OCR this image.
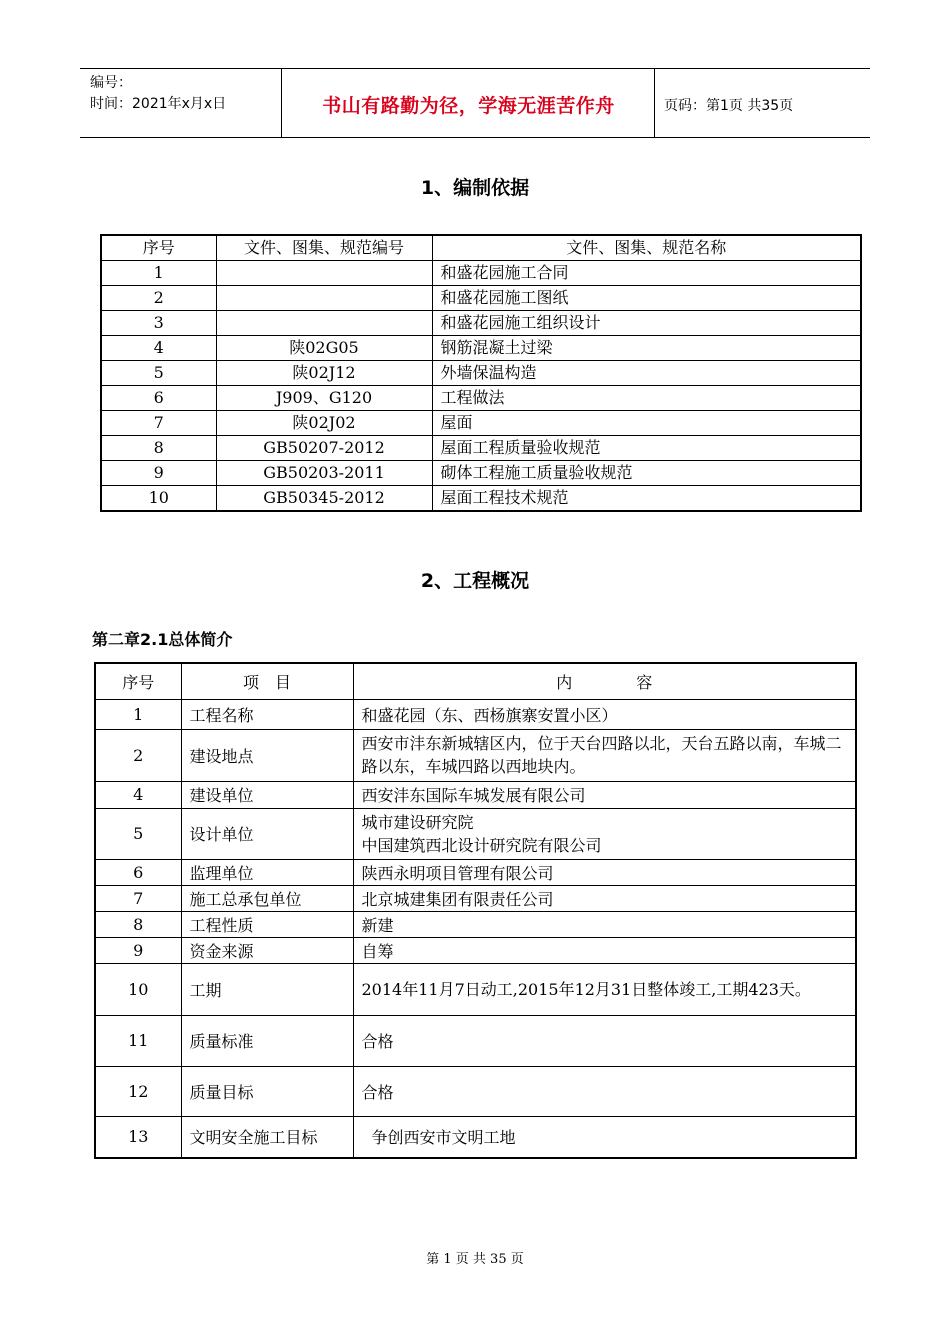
编号：
时间：2021年x月x日	书山有路勤为径，学海无涯苦作舟	页码：第1页 共35页
1、编制依据
序号	文件、图集、规范编号	文件、图集、规范名称
1		和盛花园施工合同
2		和盛花园施工图纸
3		和盛花园施工组织设计
4	陕02G05	钢筋混凝土过梁
5	陕02J12	外墙保温构造
6	J909、G120	工程做法
7	陕02J02	屋面
8	GB50207-2012	屋面工程质量验收规范
9	GB50203-2011	砌体工程施工质量验收规范
10	GB50345-2012	屋面工程技术规范
2、工程概况
第二章2.1总体简介
序号	项　目	内　　　　容
1	工程名称	和盛花园（东、西杨旗寨安置小区）
2	建设地点	西安市沣东新城辖区内，位于天台四路以北，天台五路以南，车城二路以东，车城四路以西地块内。
4	建设单位	西安沣东国际车城发展有限公司
5	设计单位	城市建设研究院
中国建筑西北设计研究院有限公司

6	监理单位	陕西永明项目管理有限公司
7	施工总承包单位	北京城建集团有限责任公司
8	工程性质	新建
9	资金来源	自筹
10	工期	2014年11月7日动工,2015年12月31日整体竣工,工期423天。
11	质量标准	合格
12	质量目标	合格
13	文明安全施工目标	争创西安市文明工地
第 1 页 共 35 页
